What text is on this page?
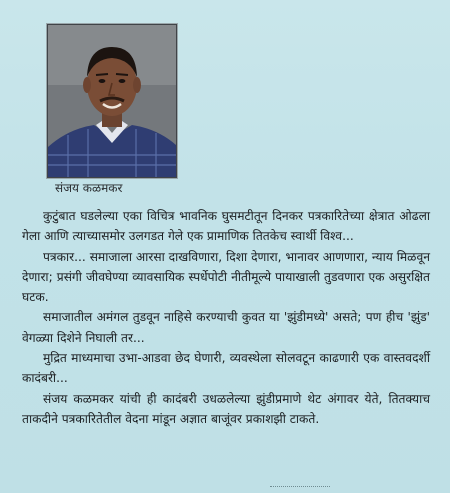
संजय कळमकर

कुटुंबात घडलेल्या एका विचित्र भावनिक घुसमटीतून दिनकर पत्रकारितेच्या क्षेत्रात ओढला गेला आणि त्याच्यासमोर उलगडत गेले एक प्रामाणिक तितकेच स्वार्थी विश्व...

पत्रकार... समाजाला आरसा दाखविणारा, दिशा देणारा, भानावर आणणारा, न्याय मिळवून देणारा; प्रसंगी जीवघेण्या व्यावसायिक स्पर्धेपोटी नीतीमूल्ये पायाखाली तुडवणारा एक असुरक्षित घटक.

समाजातील अमंगल तुडवून नाहिसे करण्याची कुवत या 'झुंडीमध्ये' असते; पण हीच 'झुंड' वेगळ्या दिशेने निघाली तर...

मुद्रित माध्यमाचा उभा-आडवा छेद घेणारी, व्यवस्थेला सोलवटून काढणारी एक वास्तवदर्शी कादंबरी...

संजय कळमकर यांची ही कादंबरी उधळलेल्या झुंडीप्रमाणे थेट अंगावर येते, तितक्याच ताकदीने पत्रकारितेतील वेदना मांडून अज्ञात बाजूंवर प्रकाशझी टाकते.
